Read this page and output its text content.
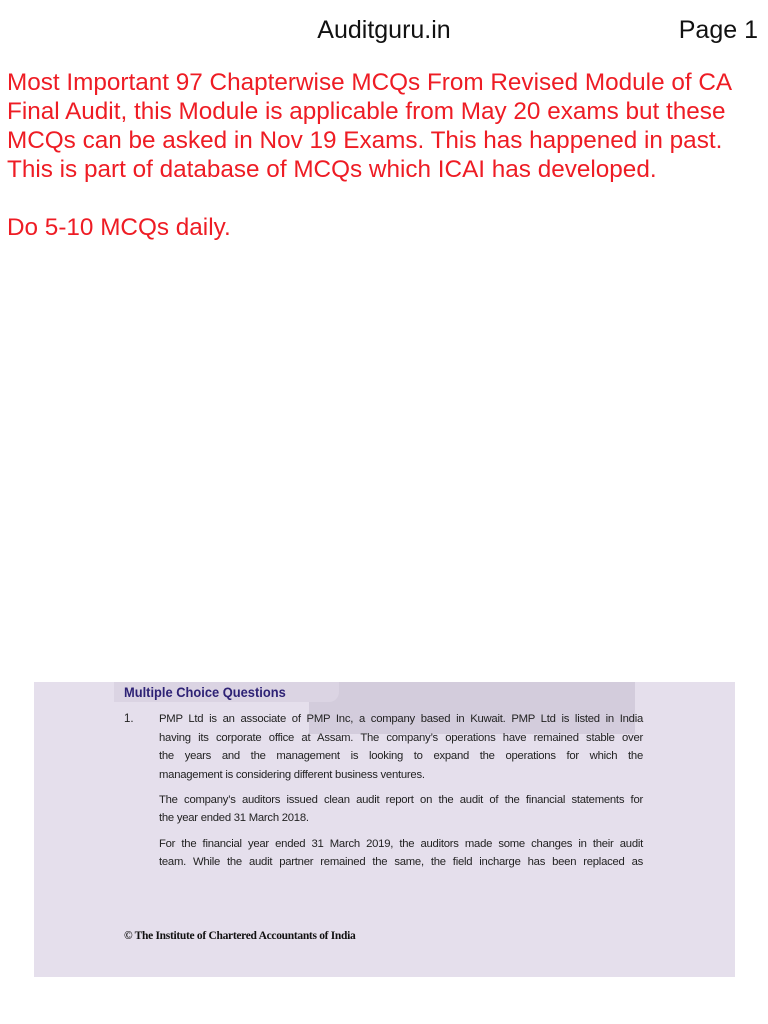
Auditguru.in	Page 1
Most Important 97 Chapterwise MCQs From Revised Module of CA
Final Audit, this Module is applicable from May 20 exams but these
MCQs can be asked in Nov 19 Exams. This has happened in past.
This is part of database of MCQs which ICAI has developed.
Do 5-10 MCQs daily.
Multiple Choice Questions
1. PMP Ltd is an associate of PMP Inc, a company based in Kuwait. PMP Ltd is listed in India
having its corporate office at Assam. The company’s operations have remained stable over
the years and the management is looking to expand the operations for which the
management is considering different business ventures.
The company’s auditors issued clean audit report on the audit of the financial statements for
the year ended 31 March 2018.
For the financial year ended 31 March 2019, the auditors made some changes in their audit
team. While the audit partner remained the same, the field incharge has been replaced as
© The Institute of Chartered Accountants of India
